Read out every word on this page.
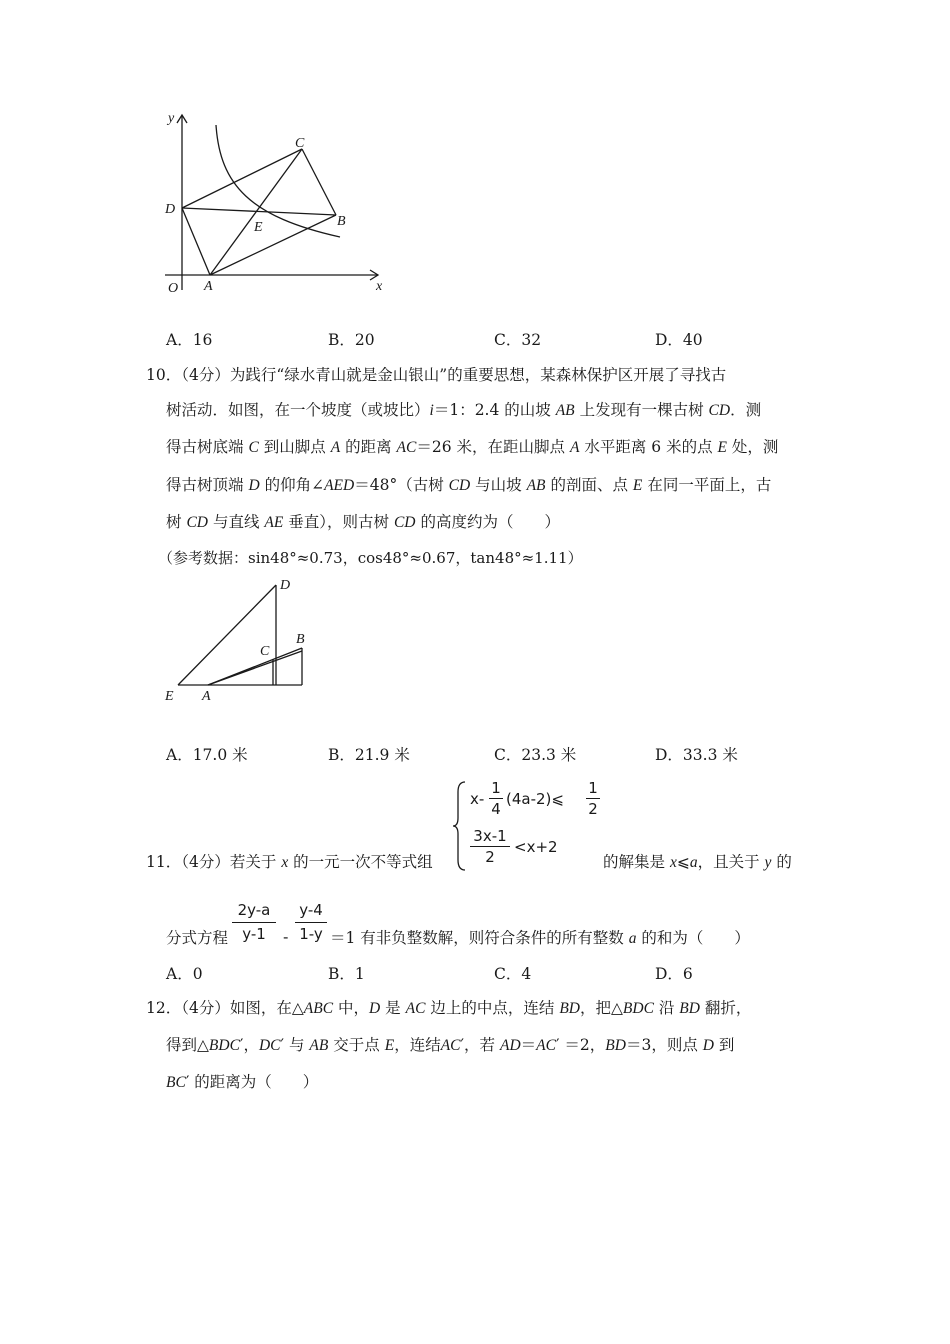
y
x
O A
B
C
D
E
A．16	B．20	C．32	D．40
10．（4分）为践行“绿水青山就是金山银山”的重要思想，某森林保护区开展了寻找古
树活动．如图，在一个坡度（或坡比）i＝1：2.4 的山坡 AB 上发现有一棵古树 CD．测
得古树底端 C 到山脚点 A 的距离 AC＝26 米，在距山脚点 A 水平距离 6 米的点 E 处，测
得古树顶端 D 的仰角∠AED＝48°（古树 CD 与山坡 AB 的剖面、点 E 在同一平面上，古
树 CD 与直线 AE 垂直），则古树 CD 的高度约为（　　）
（参考数据：sin48°≈0.73，cos48°≈0.67，tan48°≈1.11）
D
C
B
E A
A．17.0 米	B．21.9 米	C．23.3 米	D．33.3 米
11．（4分）若关于 x 的一元一次不等式组
x-
1
4
(4a-2)⩽
1
2
3x-1
2
<x+2
的解集是 x⩽a，且关于 y 的
分式方程
2y-a
y-1	-
y-4
1-y ＝1 有非负整数解，则符合条件的所有整数 a 的和为（　　）
A．0	B．1	C．4	D．6
12．（4分）如图，在△ABC 中，D 是 AC 边上的中点，连结 BD，把△BDC 沿 BD 翻折，
得到△BDC′，DC′ 与 AB 交于点 E，连结AC′，若 AD＝AC′ ＝2，BD＝3，则点 D 到
BC′ 的距离为（　　）
